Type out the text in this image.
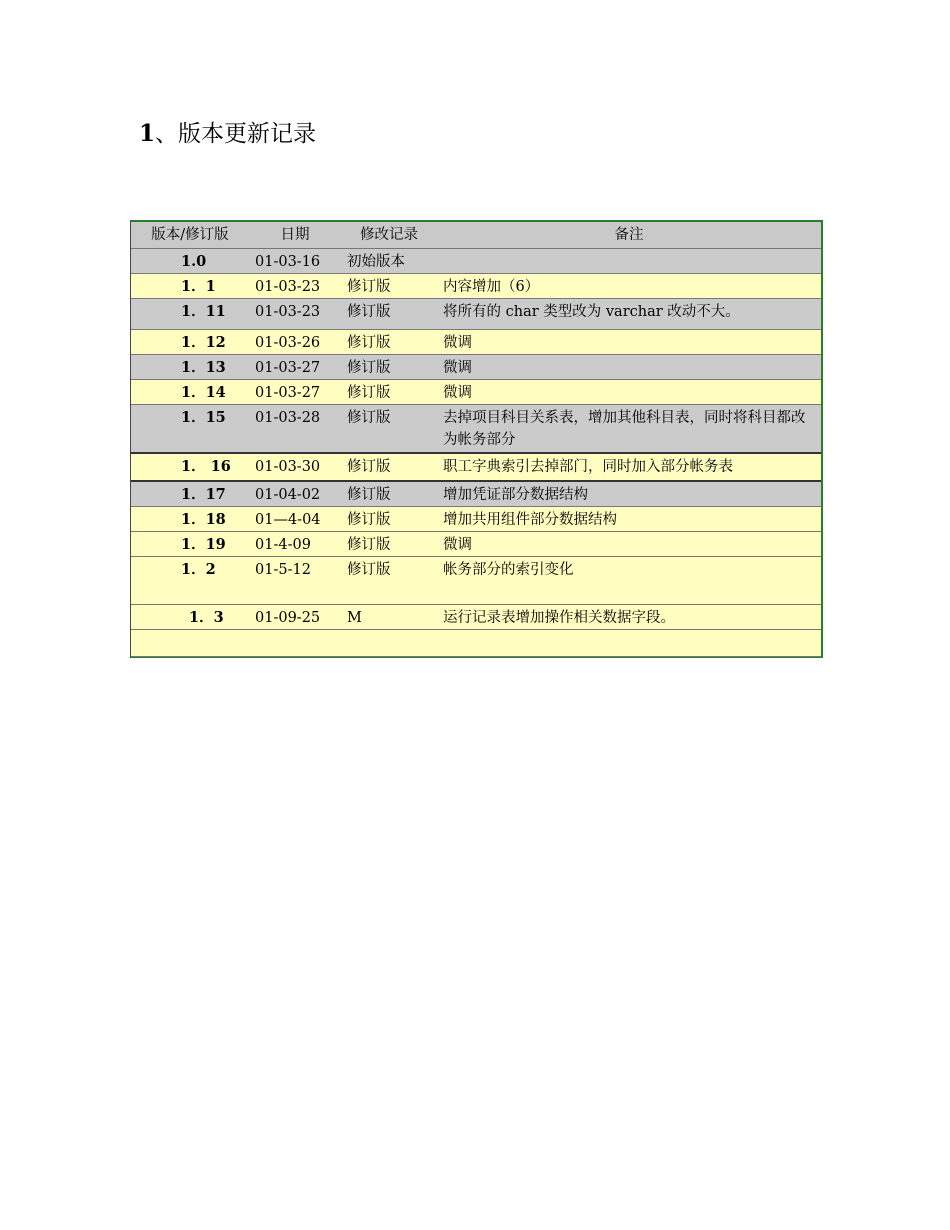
1、版本更新记录
版本/修订版	日期	修改记录	备注
1.0	01-03-16	初始版本	
1．1	01-03-23	修订版	内容增加（6）
1．11	01-03-23	修订版	将所有的 char 类型改为 varchar 改动不大。
1．12	01-03-26	修订版	微调
1．13	01-03-27	修订版	微调
1．14	01-03-27	修订版	微调
1．15	01-03-28	修订版	去掉项目科目关系表，增加其他科目表，同时将科目都改为帐务部分
1． 16	01-03-30	修订版	职工字典索引去掉部门，同时加入部分帐务表
1．17	01-04-02	修订版	增加凭证部分数据结构
1．18	01—4-04	修订版	增加共用组件部分数据结构
1．19	01-4-09	修订版	微调
1．2	01-5-12	修订版	帐务部分的索引变化
1．3	01-09-25	M	运行记录表增加操作相关数据字段。
